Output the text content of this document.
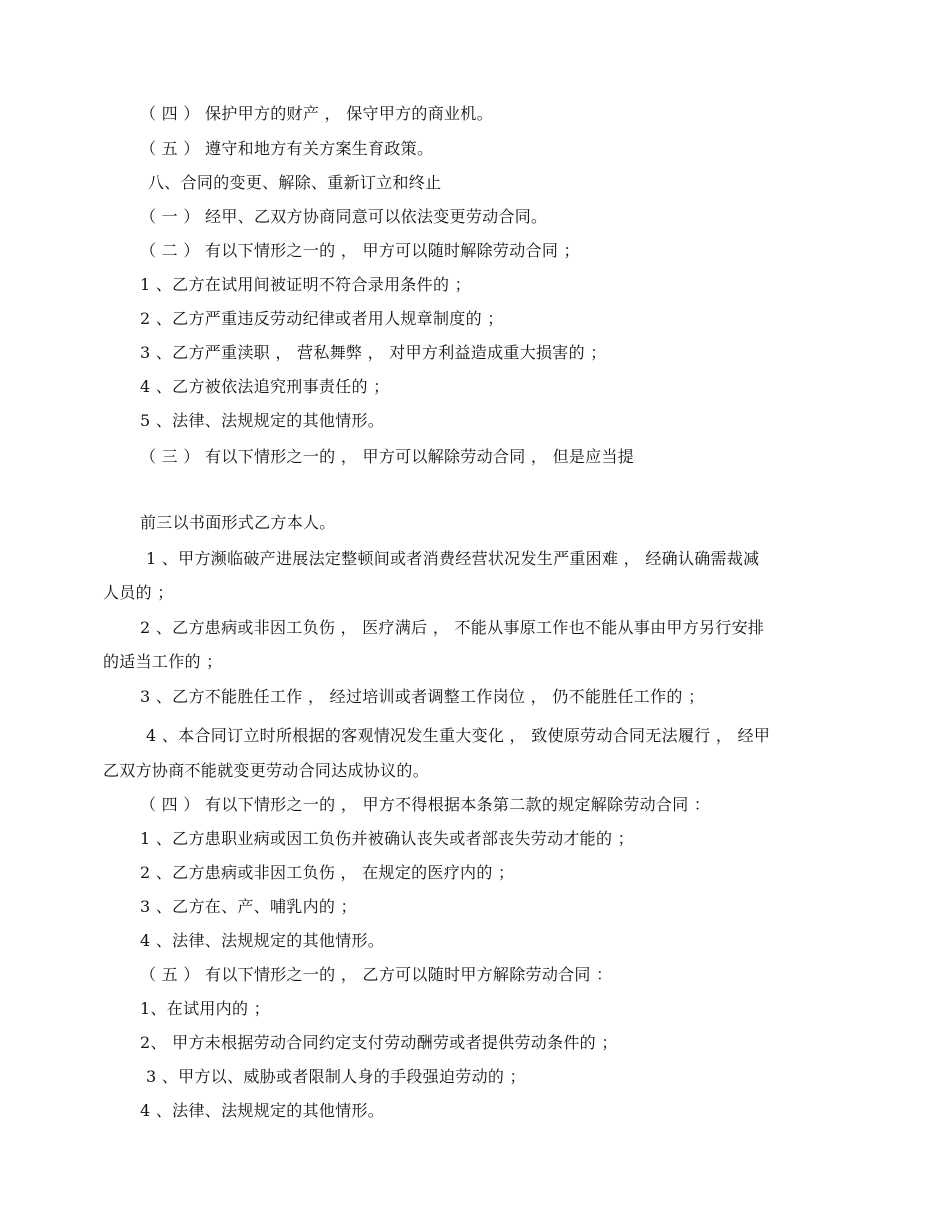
（ 四 ） 保护甲方的财产 ， 保守甲方的商业机。

（ 五 ） 遵守和地方有关方案生育政策。

八、合同的变更、解除、重新订立和终止

（ 一 ） 经甲、乙双方协商同意可以依法变更劳动合同。

（ 二 ） 有以下情形之一的 ， 甲方可以随时解除劳动合同 ；

1 、乙方在试用间被证明不符合录用条件的 ；

2 、乙方严重违反劳动纪律或者用人规章制度的 ；

3 、乙方严重渎职 ， 营私舞弊 ， 对甲方利益造成重大损害的 ；

4 、乙方被依法追究刑事责任的 ；

5 、法律、法规规定的其他情形。

（ 三 ） 有以下情形之一的 ， 甲方可以解除劳动合同 ， 但是应当提

前三以书面形式乙方本人。

1 、甲方濒临破产进展法定整顿间或者消费经营状况发生严重困难 ， 经确认确需裁减

人员的 ；

2 、乙方患病或非因工负伤 ， 医疗满后 ， 不能从事原工作也不能从事由甲方另行安排

的适当工作的 ；

3 、乙方不能胜任工作 ， 经过培训或者调整工作岗位 ， 仍不能胜任工作的 ；

4 、本合同订立时所根据的客观情况发生重大变化 ， 致使原劳动合同无法履行 ， 经甲

乙双方协商不能就变更劳动合同达成协议的。

（ 四 ） 有以下情形之一的 ， 甲方不得根据本条第二款的规定解除劳动合同 ：

1 、乙方患职业病或因工负伤并被确认丧失或者部丧失劳动才能的 ；

2 、乙方患病或非因工负伤 ， 在规定的医疗内的 ；

3 、乙方在、产、哺乳内的 ；

4 、法律、法规规定的其他情形。

（ 五 ） 有以下情形之一的 ， 乙方可以随时甲方解除劳动合同 ：

1、在试用内的 ；

2、 甲方未根据劳动合同约定支付劳动酬劳或者提供劳动条件的 ；

3 、甲方以、威胁或者限制人身的手段强迫劳动的 ；

4 、法律、法规规定的其他情形。
